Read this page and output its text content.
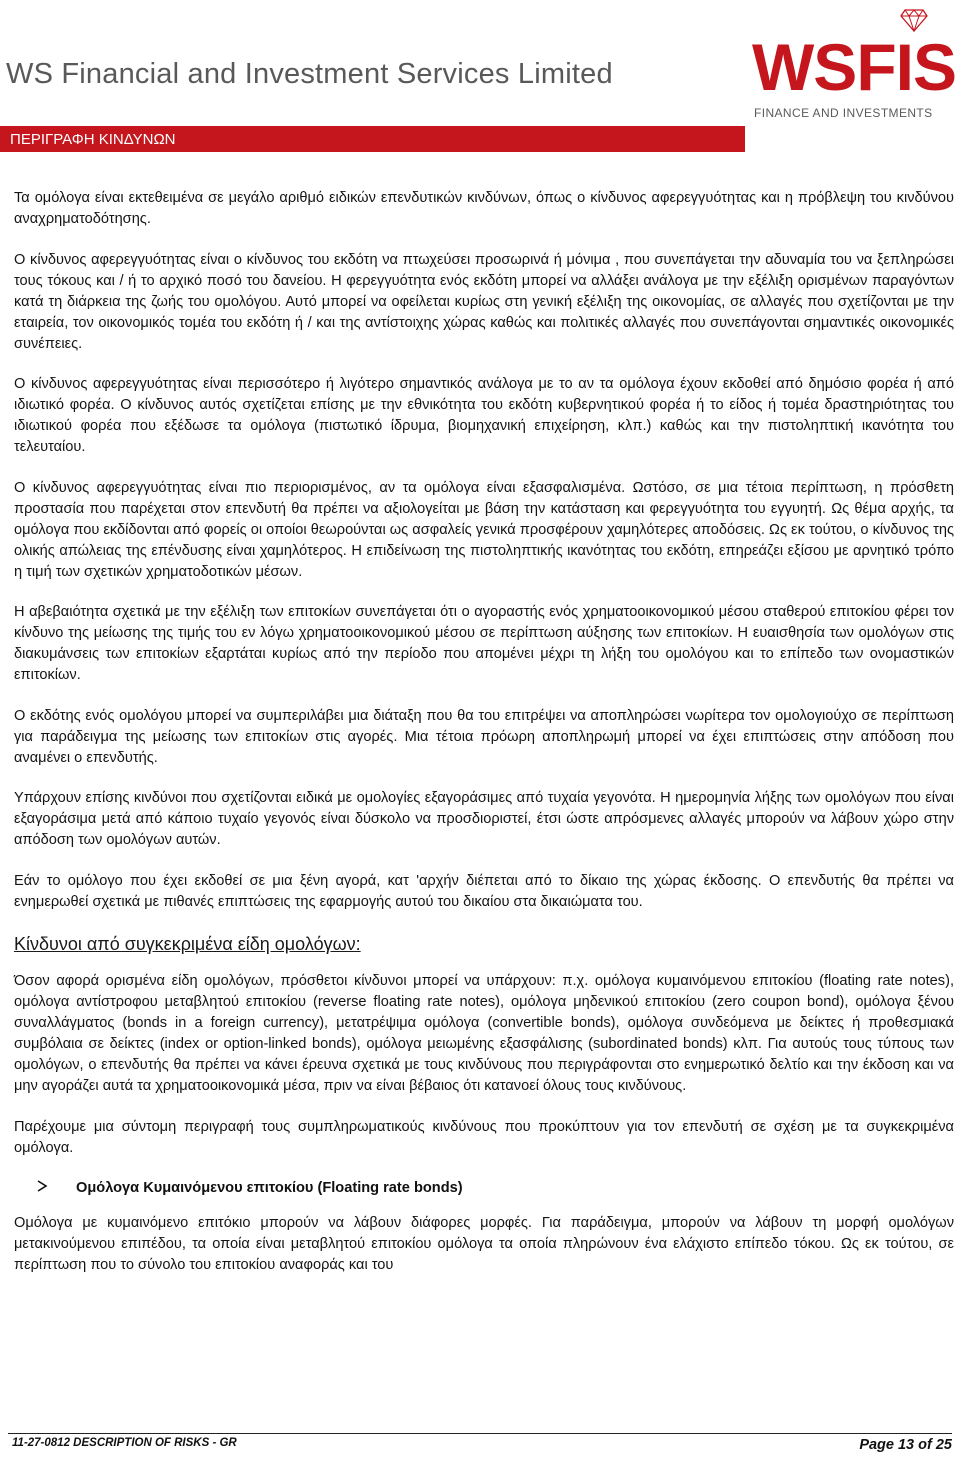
WS Financial and Investment Services Limited WSFIS
FINANCE AND INVESTMENTS
ΠΕΡΙΓΡΑΦΗ ΚΙΝΔΥΝΩΝ

Τα ομόλογα είναι εκτεθειμένα σε μεγάλο αριθμό ειδικών επενδυτικών κινδύνων, όπως ο κίνδυνος αφερεγγυότητας και η πρόβλεψη του κινδύνου αναχρηματοδότησης.

Ο κίνδυνος αφερεγγυότητας είναι ο κίνδυνος του εκδότη να πτωχεύσει προσωρινά ή μόνιμα , που συνεπάγεται την αδυναμία του να ξεπληρώσει τους τόκους και / ή το αρχικό ποσό του δανείου. Η φερεγγυότητα ενός εκδότη μπορεί να αλλάξει ανάλογα με την εξέλιξη ορισμένων παραγόντων κατά τη διάρκεια της ζωής του ομολόγου. Αυτό μπορεί να οφείλεται κυρίως στη γενική εξέλιξη της οικονομίας, σε αλλαγές που σχετίζονται με την εταιρεία, τον οικονομικός τομέα του εκδότη ή / και της αντίστοιχης χώρας καθώς και πολιτικές αλλαγές που συνεπάγονται σημαντικές οικονομικές συνέπειες.

Ο κίνδυνος αφερεγγυότητας είναι περισσότερο ή λιγότερο σημαντικός ανάλογα με το αν τα ομόλογα έχουν εκδοθεί από δημόσιο φορέα ή από ιδιωτικό φορέα. Ο κίνδυνος αυτός σχετίζεται επίσης με την εθνικότητα του εκδότη κυβερνητικού φορέα ή το είδος ή τομέα δραστηριότητας του ιδιωτικού φορέα που εξέδωσε τα ομόλογα (πιστωτικό ίδρυμα, βιομηχανική επιχείρηση, κλπ.) καθώς και την πιστοληπτική ικανότητα του τελευταίου.

Ο κίνδυνος αφερεγγυότητας είναι πιο περιορισμένος, αν τα ομόλογα είναι εξασφαλισμένα. Ωστόσο, σε μια τέτοια περίπτωση, η πρόσθετη προστασία που παρέχεται στον επενδυτή θα πρέπει να αξιολογείται με βάση την κατάσταση και φερεγγυότητα του εγγυητή. Ως θέμα αρχής, τα ομόλογα που εκδίδονται από φορείς οι οποίοι θεωρούνται ως ασφαλείς γενικά προσφέρουν χαμηλότερες αποδόσεις. Ως εκ τούτου, ο κίνδυνος της ολικής απώλειας της επένδυσης είναι χαμηλότερος. Η επιδείνωση της πιστοληπτικής ικανότητας του εκδότη, επηρεάζει εξίσου με αρνητικό τρόπο η τιμή των σχετικών χρηματοδοτικών μέσων.

Η αβεβαιότητα σχετικά με την εξέλιξη των επιτοκίων συνεπάγεται ότι ο αγοραστής ενός χρηματοοικονομικού μέσου σταθερού επιτοκίου φέρει τον κίνδυνο της μείωσης της τιμής του εν λόγω χρηματοοικονομικού μέσου σε περίπτωση αύξησης των επιτοκίων. Η ευαισθησία των ομολόγων στις διακυμάνσεις των επιτοκίων εξαρτάται κυρίως από την περίοδο που απομένει μέχρι τη λήξη του ομολόγου και το επίπεδο των ονομαστικών επιτοκίων.

Ο εκδότης ενός ομολόγου μπορεί να συμπεριλάβει μια διάταξη που θα του επιτρέψει να αποπληρώσει νωρίτερα τον ομολογιούχο σε περίπτωση για παράδειγμα της μείωσης των επιτοκίων στις αγορές. Μια τέτοια πρόωρη αποπληρωμή μπορεί να έχει επιπτώσεις στην απόδοση που αναμένει ο επενδυτής.

Υπάρχουν επίσης κινδύνοι που σχετίζονται ειδικά με ομολογίες εξαγοράσιμες από τυχαία γεγονότα. Η ημερομηνία λήξης των ομολόγων που είναι εξαγοράσιμα μετά από κάποιο τυχαίο γεγονός είναι δύσκολο να προσδιοριστεί, έτσι ώστε απρόσμενες αλλαγές μπορούν να λάβουν χώρο στην απόδοση των ομολόγων αυτών.

Εάν το ομόλογο που έχει εκδοθεί σε μια ξένη αγορά, κατ 'αρχήν διέπεται από το δίκαιο της χώρας έκδοσης. Ο επενδυτής θα πρέπει να ενημερωθεί σχετικά με πιθανές επιπτώσεις της εφαρμογής αυτού του δικαίου στα δικαιώματα του.

Κίνδυνοι από συγκεκριμένα είδη ομολόγων:

Όσον αφορά ορισμένα είδη ομολόγων, πρόσθετοι κίνδυνοι μπορεί να υπάρχουν: π.χ. ομόλογα κυμαινόμενου επιτοκίου (floating rate notes), ομόλογα αντίστροφου μεταβλητού επιτοκίου (reverse floating rate notes), ομόλογα μηδενικού επιτοκίου (zero coupon bond), ομόλογα ξένου συναλλάγματος (bonds in a foreign currency), μετατρέψιμα ομόλογα (convertible bonds), ομόλογα συνδεόμενα με δείκτες ή προθεσμιακά συμβόλαια σε δείκτες (index or option-linked bonds), ομόλογα μειωμένης εξασφάλισης (subordinated bonds) κλπ. Για αυτούς τους τύπους των ομολόγων, ο επενδυτής θα πρέπει να κάνει έρευνα σχετικά με τους κινδύνους που περιγράφονται στο ενημερωτικό δελτίο και την έκδοση και να μην αγοράζει αυτά τα χρηματοοικονομικά μέσα, πριν να είναι βέβαιος ότι κατανοεί όλους τους κινδύνους.

Παρέχουμε μια σύντομη περιγραφή τους συμπληρωματικούς κινδύνους που προκύπτουν για τον επενδυτή σε σχέση με τα συγκεκριμένα ομόλογα.

Ομόλογα Κυμαινόμενου επιτοκίου (Floating rate bonds)

Ομόλογα με κυμαινόμενο επιτόκιο μπορούν να λάβουν διάφορες μορφές. Για παράδειγμα, μπορούν να λάβουν τη μορφή ομολόγων μετακινούμενου επιπέδου, τα οποία είναι μεταβλητού επιτοκίου ομόλογα τα οποία πληρώνουν ένα ελάχιστο επίπεδο τόκου. Ως εκ τούτου, σε περίπτωση που το σύνολο του επιτοκίου αναφοράς και του

11-27-0812 DESCRIPTION OF RISKS - GR	Page 13 of 25
